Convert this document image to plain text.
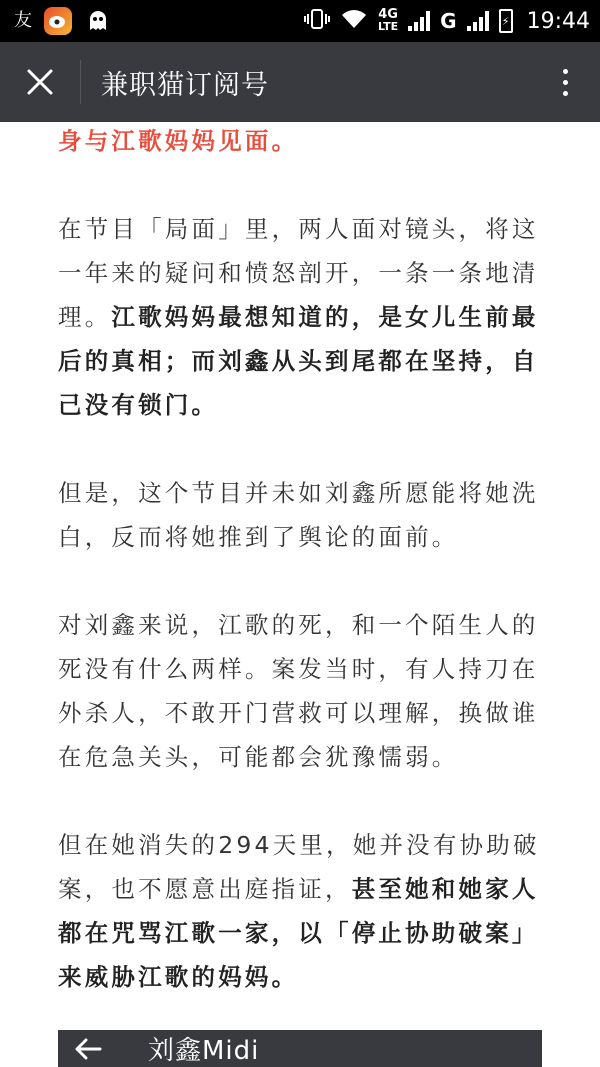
友	4G
LTE G	⚡ 19:44
兼职猫订阅号

身与江歌妈妈见面。

在节目「局面」里，两人面对镜头，将这一年来的疑问和愤怒剖开，一条一条地清理。江歌妈妈最想知道的，是女儿生前最后的真相；而刘鑫从头到尾都在坚持，自己没有锁门。

但是，这个节目并未如刘鑫所愿能将她洗白，反而将她推到了舆论的面前。

对刘鑫来说，江歌的死，和一个陌生人的死没有什么两样。案发当时，有人持刀在外杀人，不敢开门营救可以理解，换做谁在危急关头，可能都会犹豫懦弱。

但在她消失的294天里，她并没有协助破案，也不愿意出庭指证，甚至她和她家人都在咒骂江歌一家，以「停止协助破案」来威胁江歌的妈妈。

刘鑫Midi
